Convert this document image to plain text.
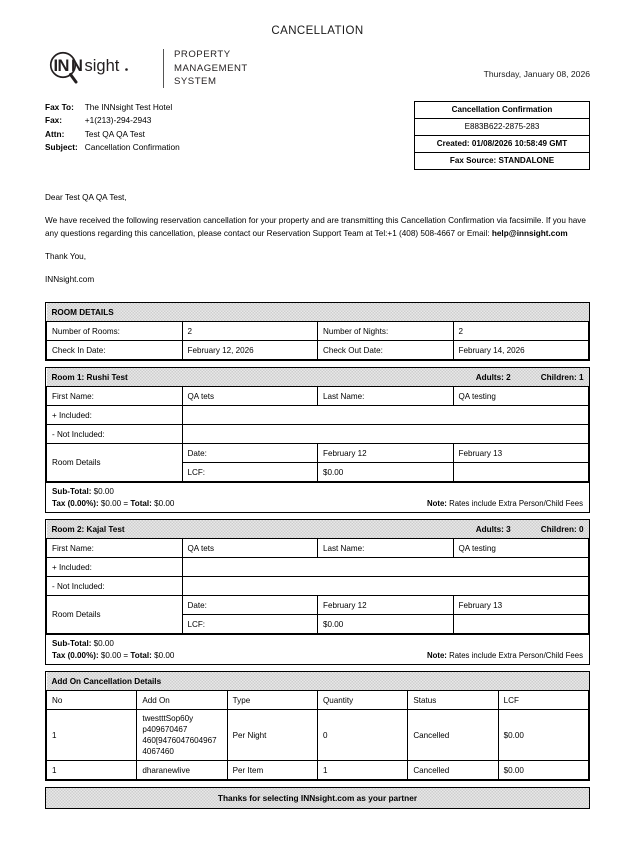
CANCELLATION
I N N sight
PROPERTY
MANAGEMENT
SYSTEM
Thursday, January 08, 2026
Fax To:	The INNsight Test Hotel
Fax:	+1(213)-294-2943
Attn:	Test QA QA Test
Subject:	Cancellation Confirmation
Cancellation Confirmation
E883B622-2875-283
Created: 01/08/2026 10:58:49 GMT
Fax Source: STANDALONE

Dear Test QA QA Test,

We have received the following reservation cancellation for your property and are transmitting this Cancellation Confirmation via facsimile. If you have any questions regarding this cancellation, please contact our Reservation Support Team at Tel:+1 (408) 508-4667 or Email: help@innsight.com

Thank You,

INNsight.com

ROOM DETAILS			
Number of Rooms:	2	Number of Nights:	2
Check In Date:	February 12, 2026	Check Out Date:	February 14, 2026
Room 1: Rushi Test Adults: 2 Children: 1			

First Name:	QA tets	Last Name:	QA testing
+ Included:			
- Not Included:			
Room Details	Date:	February 12	February 13
	LCF:	$0.00	
Sub-Total: $0.00
Tax (0.00%): $0.00 = Total: $0.00	Note: Rates include Extra Person/Child Fees
Room 2: Kajal Test Adults: 3 Children: 0			

First Name:	QA tets	Last Name:	QA testing
+ Included:			
- Not Included:			
Room Details	Date:	February 12	February 13
	LCF:	$0.00	
Sub-Total: $0.00
Tax (0.00%): $0.00 = Total: $0.00	Note: Rates include Extra Person/Child Fees
Add On Cancellation Details					
No	Add On	Type	Quantity	Status	LCF
1	twestttSop60y p409670467 460[9476047604967 4067460	Per Night	0	Cancelled	$0.00
1	dharanewlive	Per Item	1	Cancelled	$0.00
Thanks for selecting INNsight.com as your partner
